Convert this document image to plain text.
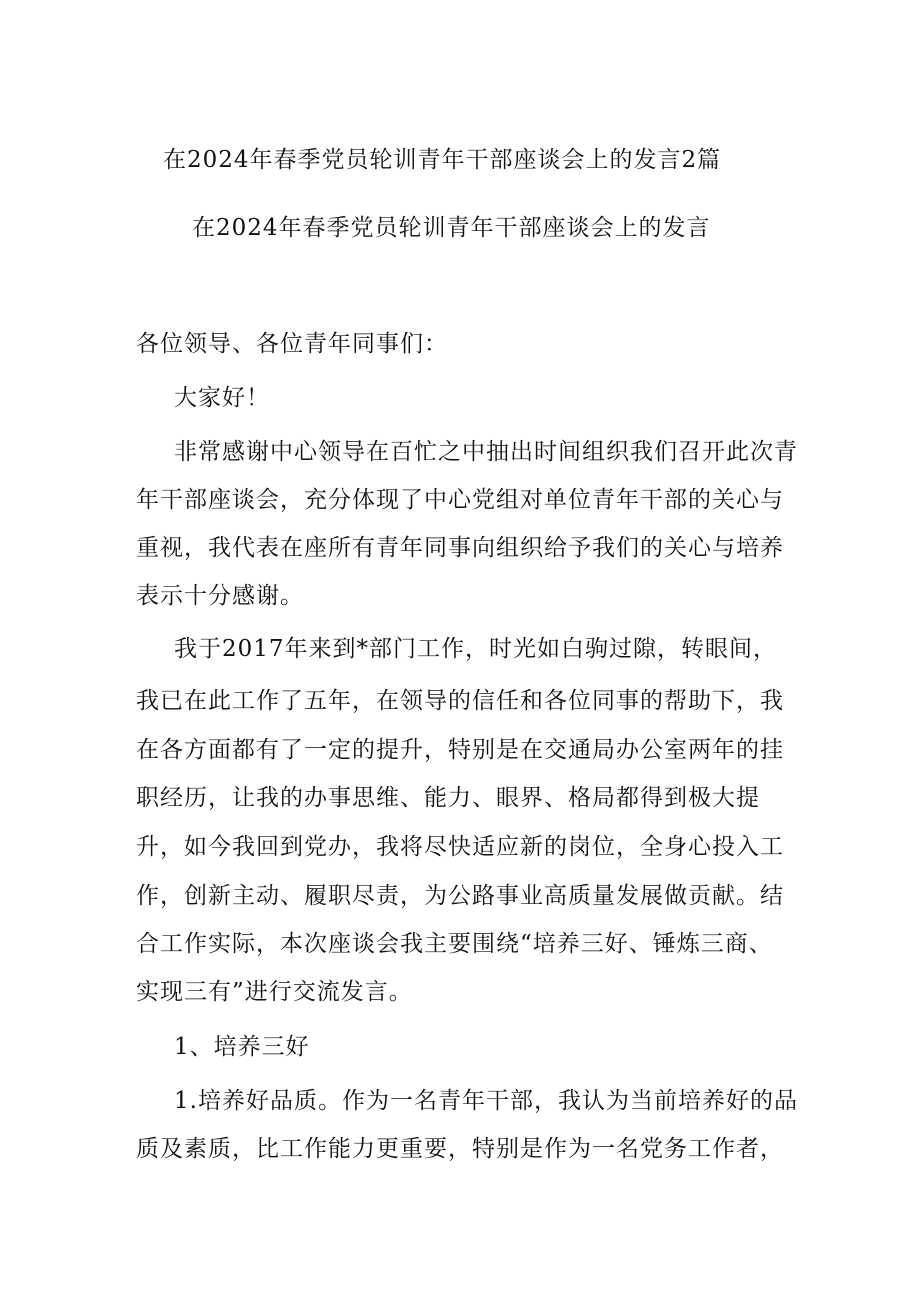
在2024年春季党员轮训青年干部座谈会上的发言2篇
在2024年春季党员轮训青年干部座谈会上的发言
各位领导、各位青年同事们：
大家好！
非常感谢中心领导在百忙之中抽出时间组织我们召开此次青
年干部座谈会，充分体现了中心党组对单位青年干部的关心与
重视，我代表在座所有青年同事向组织给予我们的关心与培养
表示十分感谢。
我于2017年来到*部门工作，时光如白驹过隙，转眼间，
我已在此工作了五年，在领导的信任和各位同事的帮助下，我
在各方面都有了一定的提升，特别是在交通局办公室两年的挂
职经历，让我的办事思维、能力、眼界、格局都得到极大提
升，如今我回到党办，我将尽快适应新的岗位，全身心投入工
作，创新主动、履职尽责，为公路事业高质量发展做贡献。结
合工作实际，本次座谈会我主要围绕“培养三好、锤炼三商、
实现三有”进行交流发言。
1、培养三好
1.培养好品质。作为一名青年干部，我认为当前培养好的品
质及素质，比工作能力更重要，特别是作为一名党务工作者，
